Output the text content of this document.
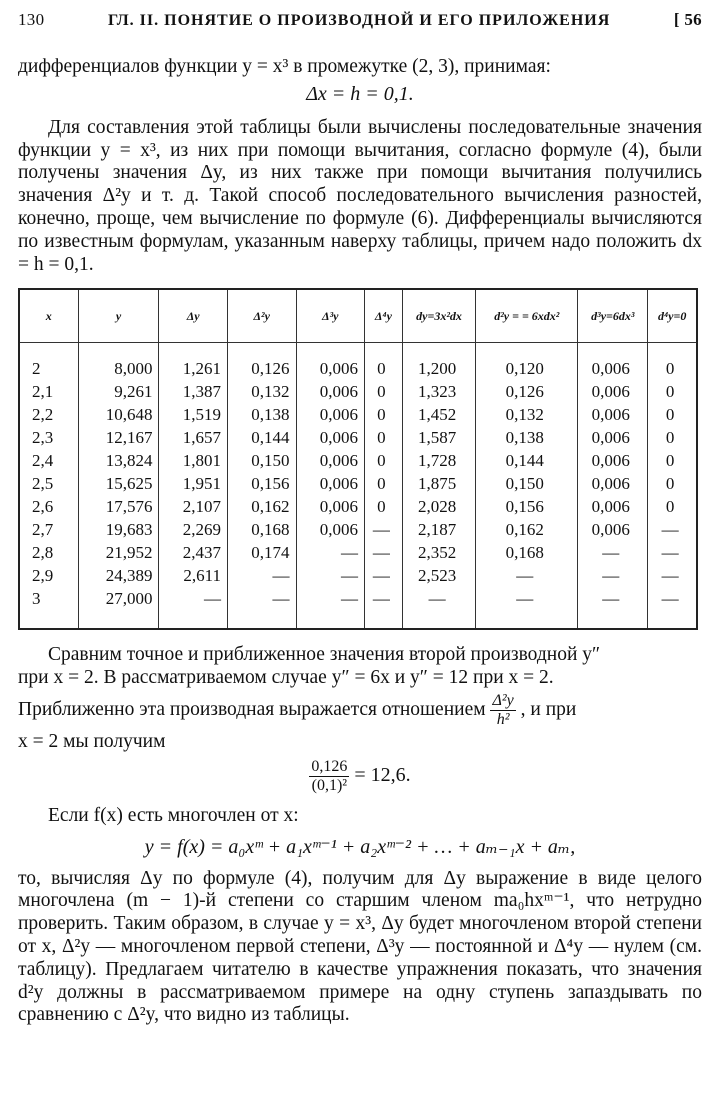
130	ГЛ. II. ПОНЯТИЕ О ПРОИЗВОДНОЙ И ЕГО ПРИЛОЖЕНИЯ	[ 56

дифференциалов функции y = x³ в промежутке (2, 3), принимая:

Δx = h = 0,1.

Для составления этой таблицы были вычислены последовательные значения функции y = x³, из них при помощи вычитания, согласно формуле (4), были получены значения Δy, из них также при помощи вычитания получились значения Δ²y и т. д. Такой способ последовательного вычисления разностей, конечно, проще, чем вычисление по формуле (6). Дифференциалы вычисляются по известным формулам, указанным наверху таблицы, причем надо положить dx = h = 0,1.

x	y	Δy	Δ²y	Δ³y	Δ⁴y	dy=3x²dx	d²y = = 6xdx²	d³y=6dx³	d⁴y=0

2	8,000	1,261	0,126	0,006	0	1,200	0,120	0,006	0
2,1	9,261	1,387	0,132	0,006	0	1,323	0,126	0,006	0
2,2	10,648	1,519	0,138	0,006	0	1,452	0,132	0,006	0
2,3	12,167	1,657	0,144	0,006	0	1,587	0,138	0,006	0
2,4	13,824	1,801	0,150	0,006	0	1,728	0,144	0,006	0
2,5	15,625	1,951	0,156	0,006	0	1,875	0,150	0,006	0
2,6	17,576	2,107	0,162	0,006	0	2,028	0,156	0,006	0
2,7	19,683	2,269	0,168	0,006	—	2,187	0,162	0,006	—
2,8	21,952	2,437	0,174	—	—	2,352	0,168	—	—
2,9	24,389	2,611	—	—	—	2,523	—	—	—
3	27,000	—	—	—	—	—	—	—	—

Сравним точное и приближенное значения второй производной y″

при x = 2. В рассматриваемом случае y″ = 6x и y″ = 12 при x = 2.

Приближенно эта производная выражается отношением $\frac{\text{Δ²y}}{\text{h²}}$ , и при

x = 2 мы получим

$\frac{0,126}{\text{(0,1)²}} = 12,6$.

Если f(x) есть многочлен от x:

y = f(x) = a₀xᵐ + a₁xᵐ⁻¹ + a₂xᵐ⁻² + … + aₘ₋₁x + aₘ,

то, вычисляя Δy по формуле (4), получим для Δy выражение в виде целого многочлена (m − 1)-й степени со старшим членом ma₀hxᵐ⁻¹, что нетрудно проверить. Таким образом, в случае y = x³, Δy будет многочленом второй степени от x, Δ²y — многочленом первой степени, Δ³y — постоянной и Δ⁴y — нулем (см. таблицу). Предлагаем читателю в качестве упражнения показать, что значения d²y должны в рассматриваемом примере на одну ступень запаздывать по сравнению с Δ²y, что видно из таблицы.
